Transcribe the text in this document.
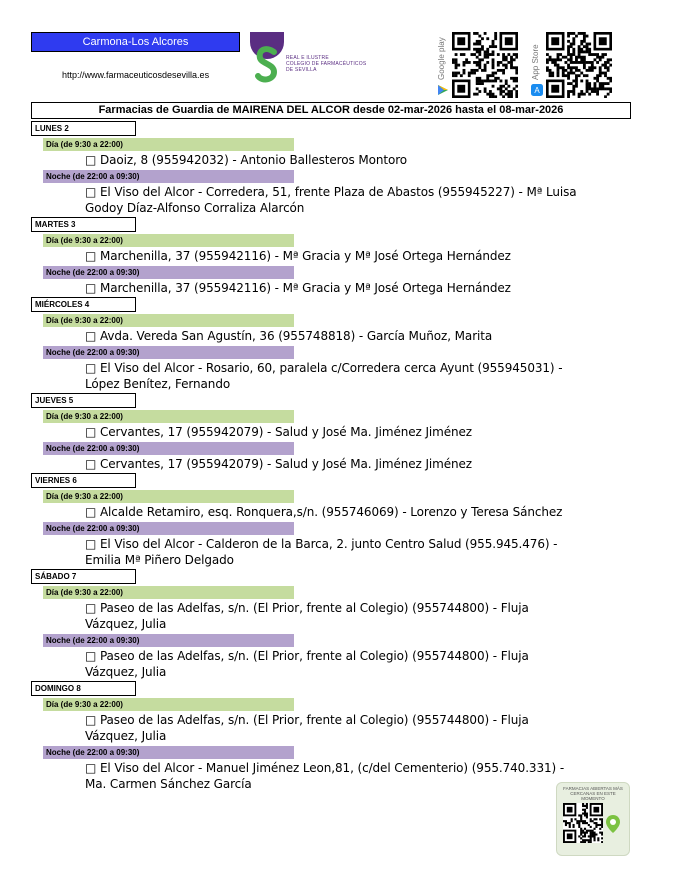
Carmona-Los Alcores
http://www.farmaceuticosdesevilla.es
REAL E ILUSTRE
COLEGIO DE FARMACÉUTICOS
DE SEVILLA	Google play	App Store
A
Farmacias de Guardia de MAIRENA DEL ALCOR desde 02-mar-2026 hasta el 08-mar-2026
LUNES 2
Día (de 9:30 a 22:00)
□ Daoiz, 8 (955942032) - Antonio Ballesteros Montoro
Noche (de 22:00 a 09:30)
□ El Viso del Alcor - Corredera, 51, frente Plaza de Abastos (955945227) - Mª Luisa Godoy Díaz-Alfonso Corraliza Alarcón
MARTES 3
Día (de 9:30 a 22:00)
□ Marchenilla, 37 (955942116) - Mª Gracia y Mª José Ortega Hernández
Noche (de 22:00 a 09:30)
□ Marchenilla, 37 (955942116) - Mª Gracia y Mª José Ortega Hernández
MIÉRCOLES 4
Día (de 9:30 a 22:00)
□ Avda. Vereda San Agustín, 36 (955748818) - García Muñoz, Marita
Noche (de 22:00 a 09:30)
□ El Viso del Alcor - Rosario, 60, paralela c/Corredera cerca Ayunt (955945031) - López Benítez, Fernando
JUEVES 5
Día (de 9:30 a 22:00)
□ Cervantes, 17 (955942079) - Salud y José Ma. Jiménez Jiménez
Noche (de 22:00 a 09:30)
□ Cervantes, 17 (955942079) - Salud y José Ma. Jiménez Jiménez
VIERNES 6
Día (de 9:30 a 22:00)
□ Alcalde Retamiro, esq. Ronquera,s/n. (955746069) - Lorenzo y Teresa Sánchez
Noche (de 22:00 a 09:30)
□ El Viso del Alcor - Calderon de la Barca, 2. junto Centro Salud (955.945.476) - Emilia Mª Piñero Delgado
SÁBADO 7
Día (de 9:30 a 22:00)
□ Paseo de las Adelfas, s/n. (El Prior, frente al Colegio) (955744800) - Fluja Vázquez, Julia
Noche (de 22:00 a 09:30)
□ Paseo de las Adelfas, s/n. (El Prior, frente al Colegio) (955744800) - Fluja Vázquez, Julia
DOMINGO 8
Día (de 9:30 a 22:00)
□ Paseo de las Adelfas, s/n. (El Prior, frente al Colegio) (955744800) - Fluja Vázquez, Julia
Noche (de 22:00 a 09:30)
□ El Viso del Alcor - Manuel Jiménez Leon,81, (c/del Cementerio) (955.740.331) - Ma. Carmen Sánchez García	FARMACIAS ABIERTAS MÁS CERCANAS EN ESTE MOMENTO
